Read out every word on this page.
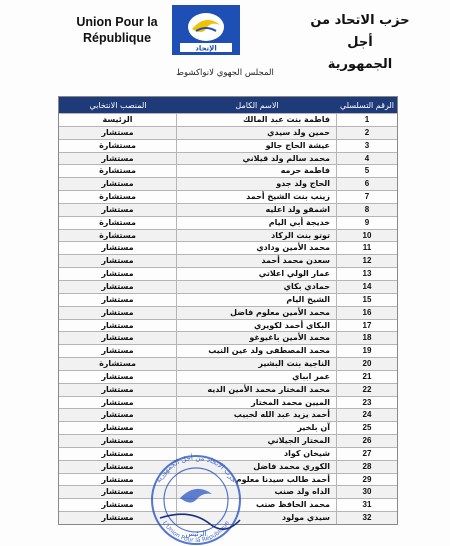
Union Pour la
République
الإتحاد
حزب الاتحاد من أجل
الجمهورية
المجلس الجهوي لانواكشوط
الرقم التسلسلي
الاسم الكامل
المنصب الانتخابي
1
فاطمة بنت عبد المالك
الرئيسة
2
حمين ولد سيدي
مستشار
3
عيشة الحاج جالو
مستشارة
4
محمد سالم ولد قيلاني
مستشار
5
فاطمة حرمه
مستشارة
6
الحاج ولد جدو
مستشار
7
زينب بنت الشيخ أحمد
مستشارة
8
اشمقو ولد اعليه
مستشار
9
خديجة أبي اليام
مستشارة
10
توتو بنت الركاد
مستشارة
11
محمد الأمين ودادي
مستشار
12
سعدن محمد أحمد
مستشار
13
عمار الولي اعلاتي
مستشار
14
حمادي بكاي
مستشار
15
الشيخ اليام
مستشار
16
محمد الأمين معلوم فاضل
مستشار
17
البكاي أحمد لكويري
مستشار
18
محمد الأمين باغيوغو
مستشار
19
محمد المصطفى ولد عين النيب
مستشار
20
الناجية بنت البشير
مستشارة
21
عمر ابباي
مستشار
22
محمد المختار محمد الأمين الديه
مستشار
23
الميين محمد المختار
مستشار
24
أحمد يزيد عبد الله لحبيب
مستشار
25
آن بلخير
مستشار
26
المختار الجيلاني
مستشار
27
شيخان كواد
مستشار
28
الكوري محمد فاضل
مستشار
29
أحمد طالب سيدنا معلوم
مستشار
30
الداه ولد صنب
مستشار
31
محمد الحافظ صنب
مستشار
32
سيدي مولود
مستشار
حزب الاتحاد من أجل الجمهورية
L'Union Pour la République
الرئيس
